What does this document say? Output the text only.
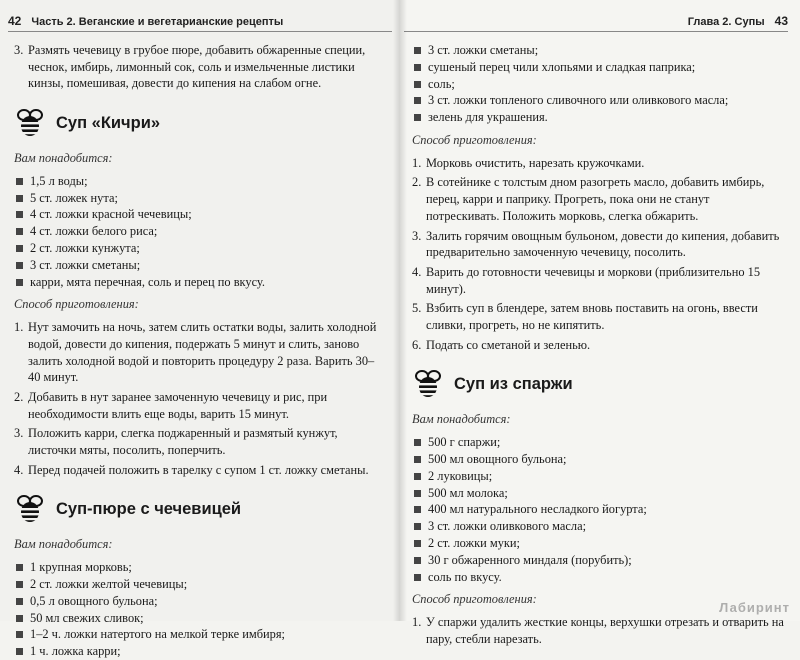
42 Часть 2. Веганские и вегетарианские рецепты
3. Размять чечевицу в грубое пюре, добавить обжаренные специи, чеснок, имбирь, лимонный сок, соль и измельченные листики кинзы, помешивая, довести до кипения на слабом огне.
Суп «Кичри»

Вам понадобится:

1,5 л воды;
5 ст. ложек нута;
4 ст. ложки красной чечевицы;
4 ст. ложки белого риса;
2 ст. ложки кунжута;
3 ст. ложки сметаны;
карри, мята перечная, соль и перец по вкусу.

Способ приготовления:

1. Нут замочить на ночь, затем слить остатки воды, залить холодной водой, довести до кипения, подержать 5 минут и слить, заново залить холодной водой и повторить процедуру 2 раза. Варить 30–40 минут.
2. Добавить в нут заранее замоченную чечевицу и рис, при необходимости влить еще воды, варить 15 минут.
3. Положить карри, слегка поджаренный и размятый кунжут, листочки мяты, посолить, поперчить.
4. Перед подачей положить в тарелку с супом 1 ст. ложку сметаны.
Суп-пюре с чечевицей

Вам понадобится:

1 крупная морковь;
2 ст. ложки желтой чечевицы;
0,5 л овощного бульона;
50 мл свежих сливок;
1–2 ч. ложки натертого на мелкой терке имбиря;
1 ч. ложка карри;
Глава 2. Супы 43
3 ст. ложки сметаны;
сушеный перец чили хлопьями и сладкая паприка;
соль;
3 ст. ложки топленого сливочного или оливкового масла;
зелень для украшения.

Способ приготовления:

1. Морковь очистить, нарезать кружочками.
2. В сотейнике с толстым дном разогреть масло, добавить имбирь, перец, карри и паприку. Прогреть, пока они не станут потрескивать. Положить морковь, слегка обжарить.
3. Залить горячим овощным бульоном, довести до кипения, добавить предварительно замоченную чечевицу, посолить.
4. Варить до готовности чечевицы и моркови (приблизительно 15 минут).
5. Взбить суп в блендере, затем вновь поставить на огонь, ввести сливки, прогреть, но не кипятить.
6. Подать со сметаной и зеленью.
Суп из спаржи

Вам понадобится:

500 г спаржи;
500 мл овощного бульона;
2 луковицы;
500 мл молока;
400 мл натурального несладкого йогурта;
3 ст. ложки оливкового масла;
2 ст. ложки муки;
30 г обжаренного миндаля (порубить);
соль по вкусу.

Способ приготовления:

1. У спаржи удалить жесткие концы, верхушки отрезать и отварить на пару, стебли нарезать.
Лабиринт
